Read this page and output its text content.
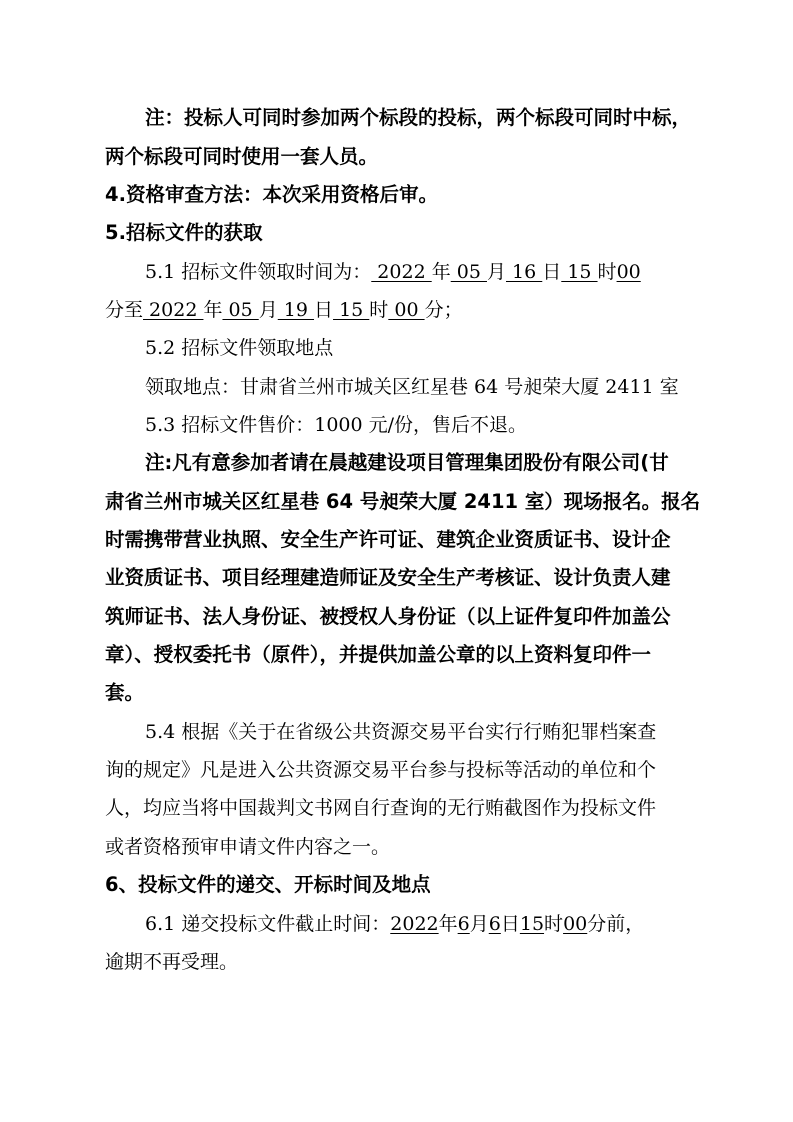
注：投标人可同时参加两个标段的投标，两个标段可同时中标，
两个标段可同时使用一套人员。
4.资格审查方法：本次采用资格后审。
5.招标文件的获取
5.1 招标文件领取时间为： 2022 年 05 月 16 日 15 时00
分至 2022 年 05 月 19 日 15 时 00 分；
5.2 招标文件领取地点
领取地点：甘肃省兰州市城关区红星巷 64 号昶荣大厦 2411 室
5.3 招标文件售价：1000 元/份，售后不退。
注:凡有意参加者请在晨越建设项目管理集团股份有限公司(甘
肃省兰州市城关区红星巷 64 号昶荣大厦 2411 室）现场报名。报名
时需携带营业执照、安全生产许可证、建筑企业资质证书、设计企
业资质证书、项目经理建造师证及安全生产考核证、设计负责人建
筑师证书、法人身份证、被授权人身份证（以上证件复印件加盖公
章）、授权委托书（原件），并提供加盖公章的以上资料复印件一
套。
5.4 根据《关于在省级公共资源交易平台实行行贿犯罪档案查
询的规定》凡是进入公共资源交易平台参与投标等活动的单位和个
人，均应当将中国裁判文书网自行查询的无行贿截图作为投标文件
或者资格预审申请文件内容之一。
6、投标文件的递交、开标时间及地点
6.1 递交投标文件截止时间：2022年6月6日15时00分前，
逾期不再受理。
